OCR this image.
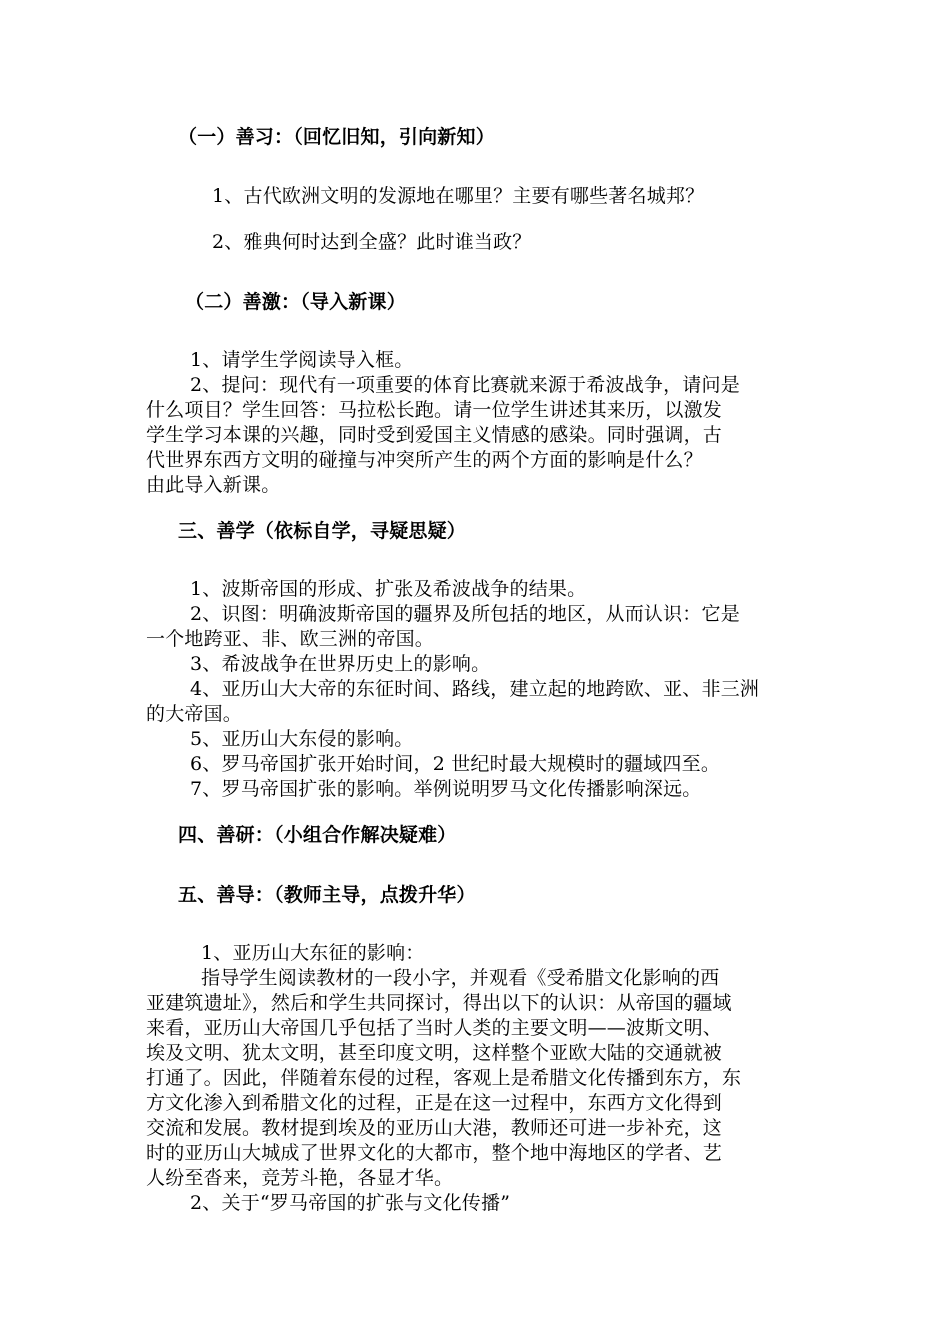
（一）善习：（回忆旧知，引向新知）
1、古代欧洲文明的发源地在哪里？主要有哪些著名城邦？
2、雅典何时达到全盛？此时谁当政？
（二）善激：（导入新课）
1、请学生学阅读导入框。
2、提问：现代有一项重要的体育比赛就来源于希波战争，请问是
什么项目？学生回答：马拉松长跑。请一位学生讲述其来历，以激发
学生学习本课的兴趣，同时受到爱国主义情感的感染。同时强调，古
代世界东西方文明的碰撞与冲突所产生的两个方面的影响是什么？
由此导入新课。
三、善学（依标自学，寻疑思疑）
1、波斯帝国的形成、扩张及希波战争的结果。
2、识图：明确波斯帝国的疆界及所包括的地区，从而认识：它是
一个地跨亚、非、欧三洲的帝国。
3、希波战争在世界历史上的影响。
4、亚历山大大帝的东征时间、路线，建立起的地跨欧、亚、非三洲
的大帝国。
5、亚历山大东侵的影响。
6、罗马帝国扩张开始时间，2 世纪时最大规模时的疆域四至。
7、罗马帝国扩张的影响。举例说明罗马文化传播影响深远。
四、善研：（小组合作解决疑难）
五、善导：（教师主导，点拨升华）
1、亚历山大东征的影响：
指导学生阅读教材的一段小字，并观看《受希腊文化影响的西
亚建筑遗址》，然后和学生共同探讨，得出以下的认识：从帝国的疆域
来看，亚历山大帝国几乎包括了当时人类的主要文明——波斯文明、
埃及文明、犹太文明，甚至印度文明，这样整个亚欧大陆的交通就被
打通了。因此，伴随着东侵的过程，客观上是希腊文化传播到东方，东
方文化渗入到希腊文化的过程，正是在这一过程中，东西方文化得到
交流和发展。教材提到埃及的亚历山大港，教师还可进一步补充，这
时的亚历山大城成了世界文化的大都市，整个地中海地区的学者、艺
人纷至沓来，竞芳斗艳，各显才华。
2、关于“罗马帝国的扩张与文化传播”
